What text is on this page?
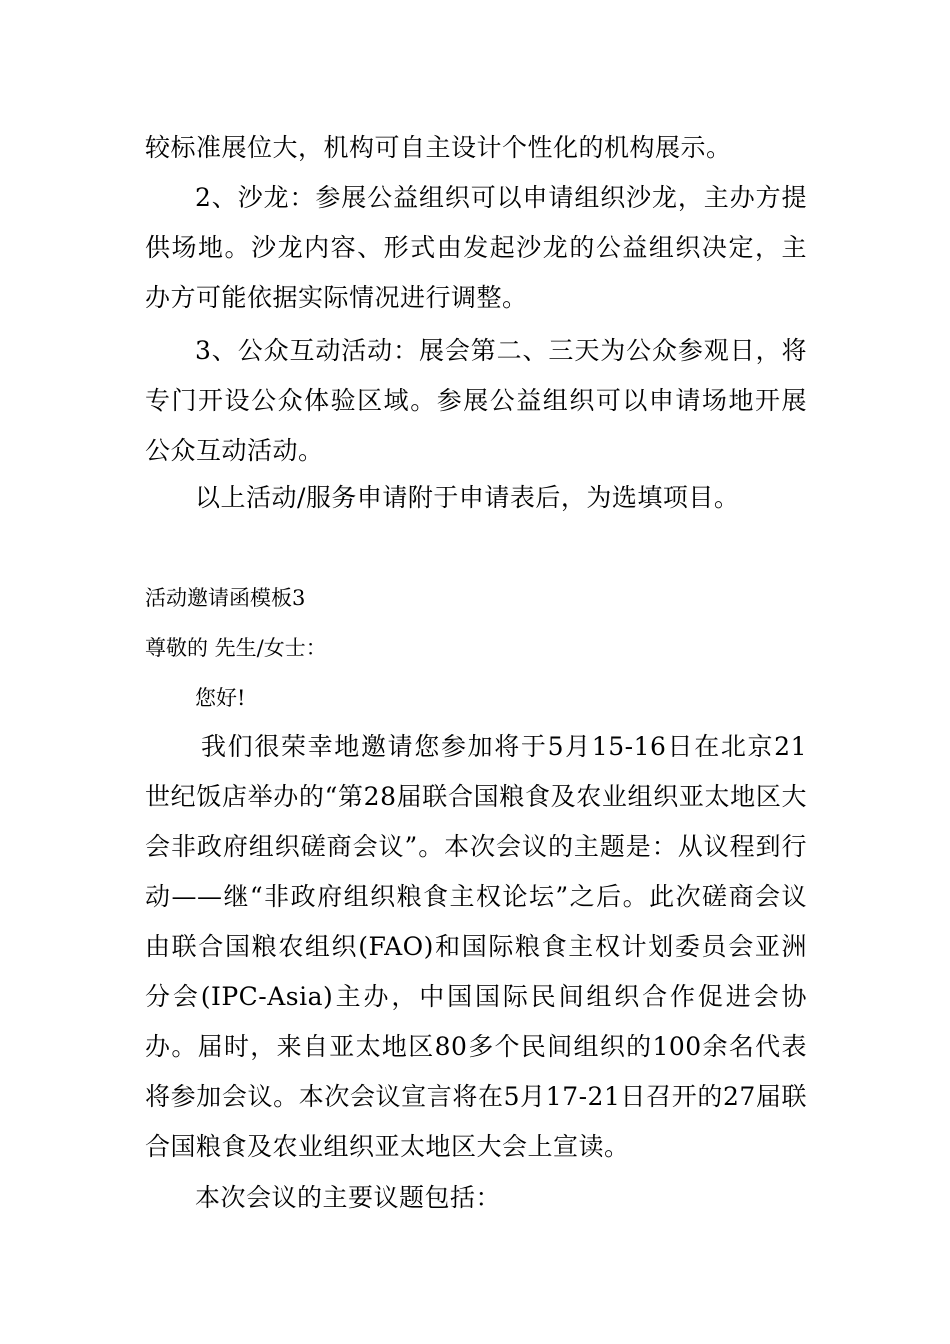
较标准展位大，机构可自主设计个性化的机构展示。

2、沙龙：参展公益组织可以申请组织沙龙，主办方提供场地。沙龙内容、形式由发起沙龙的公益组织决定，主办方可能依据实际情况进行调整。

3、公众互动活动：展会第二、三天为公众参观日，将专门开设公众体验区域。参展公益组织可以申请场地开展公众互动活动。

以上活动/服务申请附于申请表后，为选填项目。

活动邀请函模板3

尊敬的 先生/女士：

您好!

我们很荣幸地邀请您参加将于5月15-16日在北京21世纪饭店举办的“第28届联合国粮食及农业组织亚太地区大会非政府组织磋商会议”。本次会议的主题是：从议程到行动——继“非政府组织粮食主权论坛”之后。此次磋商会议由联合国粮农组织(FAO)和国际粮食主权计划委员会亚洲分会(IPC-Asia)主办，中国国际民间组织合作促进会协办。届时，来自亚太地区80多个民间组织的100余名代表将参加会议。本次会议宣言将在5月17-21日召开的27届联合国粮食及农业组织亚太地区大会上宣读。

本次会议的主要议题包括：
